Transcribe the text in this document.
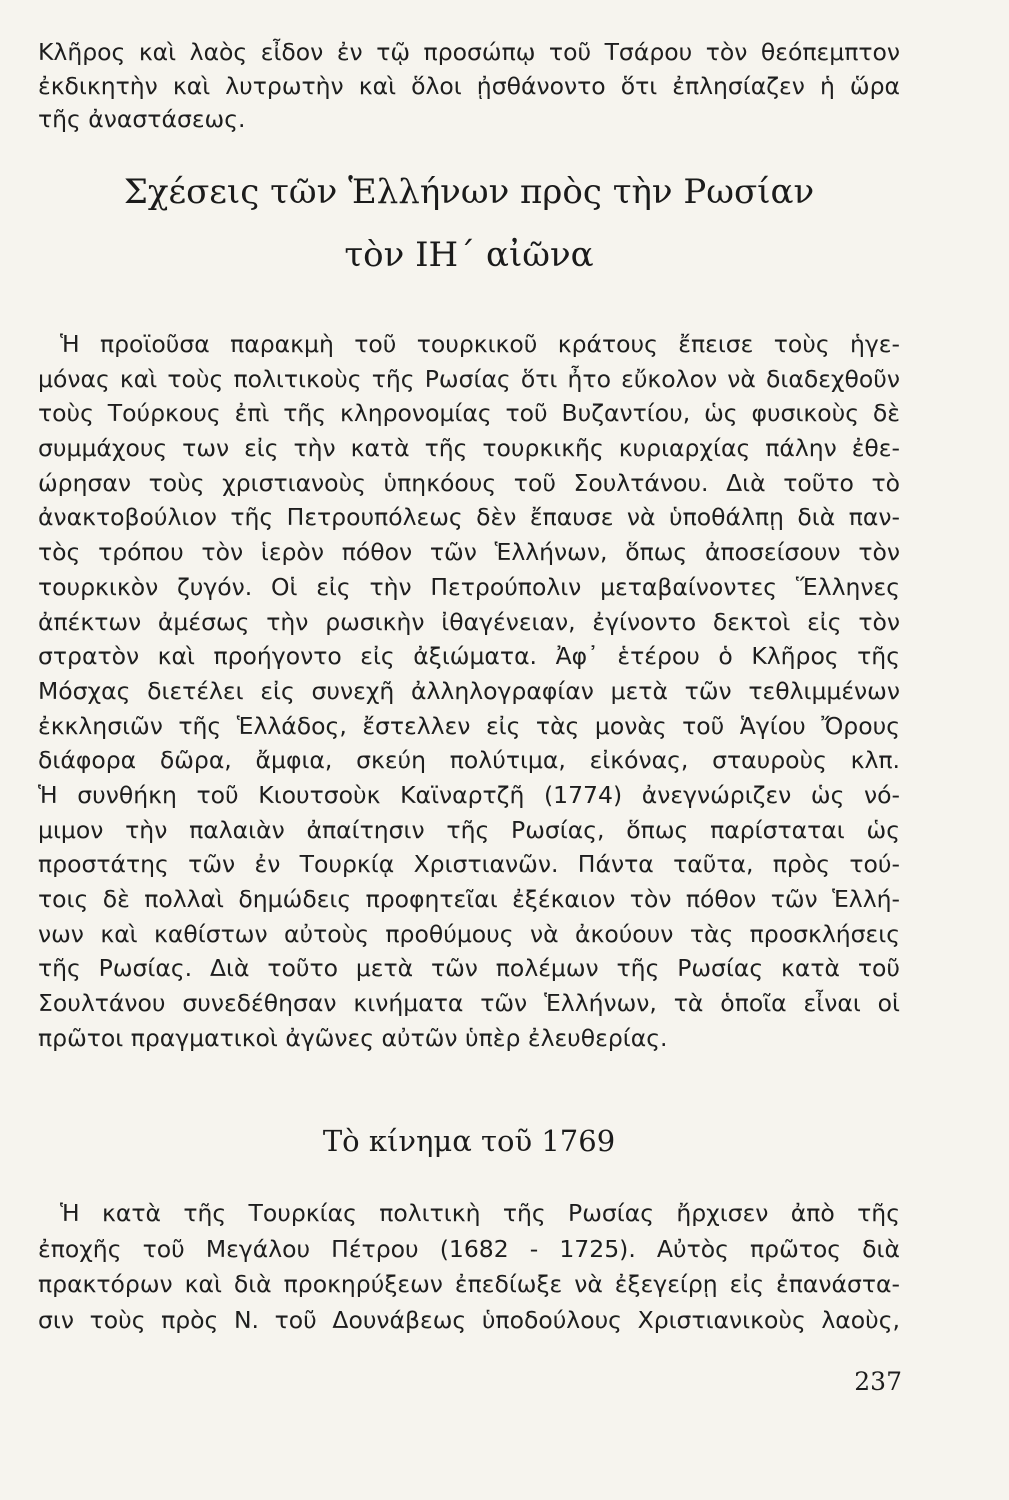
Κλῆρος καὶ λαὸς εἶδον ἐν τῷ προσώπῳ τοῦ Τσάρου τὸν θεόπεμπτον
ἐκδικητὴν καὶ λυτρωτὴν καὶ ὅλοι ᾐσθάνοντο ὅτι ἐπλησίαζεν ἡ ὥρα
τῆς ἀναστάσεως.
Σχέσεις τῶν Ἑλλήνων πρὸς τὴν Ρωσίαν
τὸν ΙΗ΄ αἰῶνα
Ἡ προϊοῦσα παρακμὴ τοῦ τουρκικοῦ κράτους ἔπεισε τοὺς ἡγε-
μόνας καὶ τοὺς πολιτικοὺς τῆς Ρωσίας ὅτι ἦτο εὔκολον νὰ διαδεχθοῦν
τοὺς Τούρκους ἐπὶ τῆς κληρονομίας τοῦ Βυζαντίου, ὡς φυσικοὺς δὲ
συμμάχους των εἰς τὴν κατὰ τῆς τουρκικῆς κυριαρχίας πάλην ἐθε-
ώρησαν τοὺς χριστιανοὺς ὑπηκόους τοῦ Σουλτάνου. Διὰ τοῦτο τὸ
ἀνακτοβούλιον τῆς Πετρουπόλεως δὲν ἔπαυσε νὰ ὑποθάλπῃ διὰ παν-
τὸς τρόπου τὸν ἱερὸν πόθον τῶν Ἑλλήνων, ὅπως ἀποσείσουν τὸν
τουρκικὸν ζυγόν. Οἱ εἰς τὴν Πετρούπολιν μεταβαίνοντες Ἕλληνες
ἀπέκτων ἀμέσως τὴν ρωσικὴν ἰθαγένειαν, ἐγίνοντο δεκτοὶ εἰς τὸν
στρατὸν καὶ προήγοντο εἰς ἀξιώματα. Ἀφ᾽ ἑτέρου ὁ Κλῆρος τῆς
Μόσχας διετέλει εἰς συνεχῆ ἀλληλογραφίαν μετὰ τῶν τεθλιμμένων
ἐκκλησιῶν τῆς Ἑλλάδος, ἔστελλεν εἰς τὰς μονὰς τοῦ Ἁγίου Ὄρους
διάφορα δῶρα, ἄμφια, σκεύη πολύτιμα, εἰκόνας, σταυροὺς κλπ.
Ἡ συνθήκη τοῦ Κιουτσοὺκ Καϊναρτζῆ (1774) ἀνεγνώριζεν ὡς νό-
μιμον τὴν παλαιὰν ἀπαίτησιν τῆς Ρωσίας, ὅπως παρίσταται ὡς
προστάτης τῶν ἐν Τουρκίᾳ Χριστιανῶν. Πάντα ταῦτα, πρὸς τού-
τοις δὲ πολλαὶ δημώδεις προφητεῖαι ἐξέκαιον τὸν πόθον τῶν Ἑλλή-
νων καὶ καθίστων αὐτοὺς προθύμους νὰ ἀκούουν τὰς προσκλήσεις
τῆς Ρωσίας. Διὰ τοῦτο μετὰ τῶν πολέμων τῆς Ρωσίας κατὰ τοῦ
Σουλτάνου συνεδέθησαν κινήματα τῶν Ἑλλήνων, τὰ ὁποῖα εἶναι οἱ
πρῶτοι πραγματικοὶ ἀγῶνες αὐτῶν ὑπὲρ ἐλευθερίας.
Τὸ κίνημα τοῦ 1769
Ἡ κατὰ τῆς Τουρκίας πολιτικὴ τῆς Ρωσίας ἤρχισεν ἀπὸ τῆς
ἐποχῆς τοῦ Μεγάλου Πέτρου (1682 - 1725). Αὐτὸς πρῶτος διὰ
πρακτόρων καὶ διὰ προκηρύξεων ἐπεδίωξε νὰ ἐξεγείρῃ εἰς ἐπανάστα-
σιν τοὺς πρὸς Ν. τοῦ Δουνάβεως ὑποδούλους Χριστιανικοὺς λαοὺς,
237
